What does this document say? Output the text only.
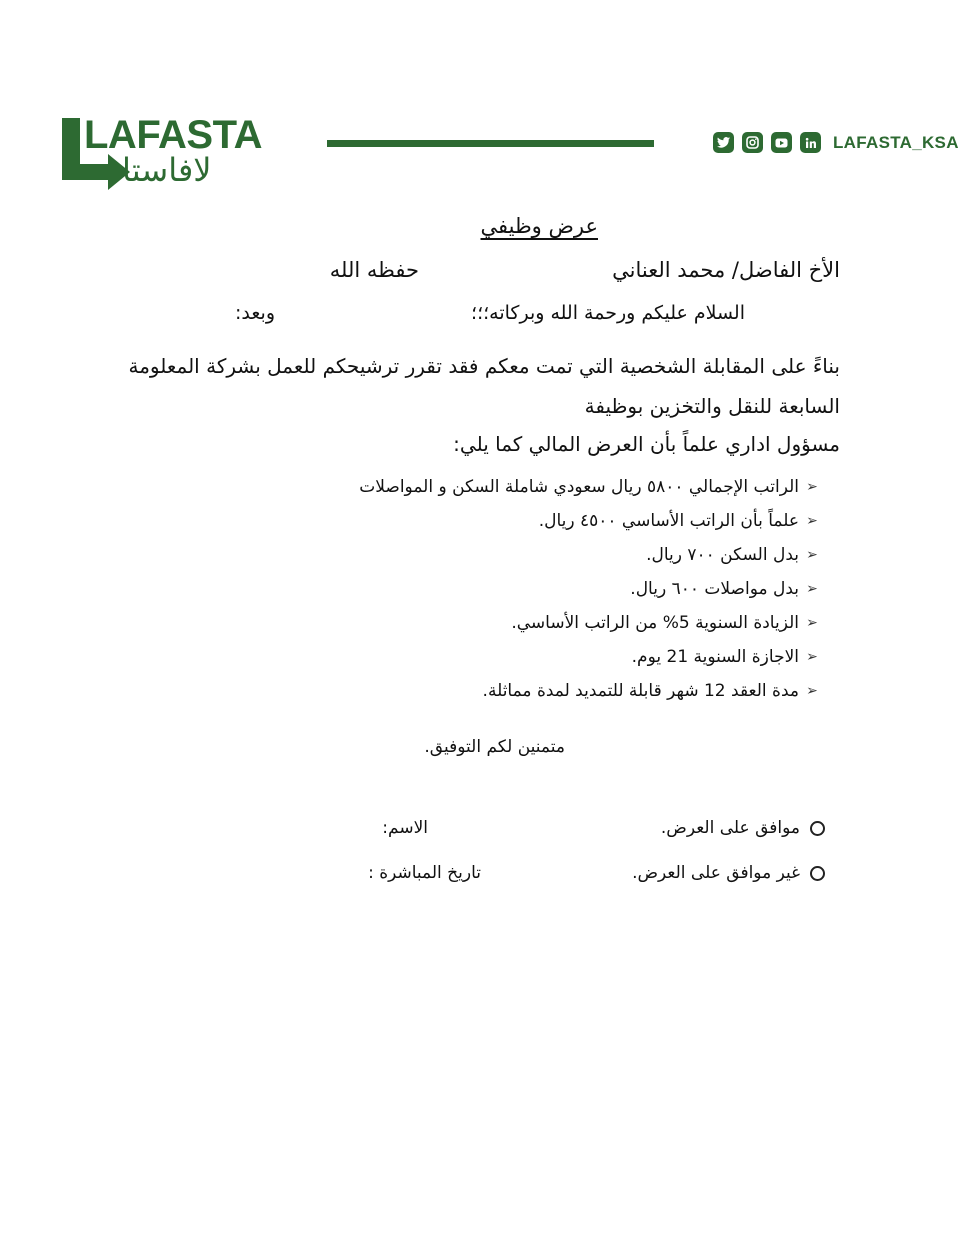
LAFASTA
لافاستا
LAFASTA_KSA
عرض وظيفي
الأخ الفاضل/ محمد العناني
حفظه الله
السلام عليكم ورحمة الله وبركاته؛؛؛
وبعد:
بناءً على المقابلة الشخصية التي تمت معكم فقد تقرر ترشيحكم للعمل بشركة المعلومة
السابعة للنقل والتخزين بوظيفة
مسؤول اداري علماً بأن العرض المالي كما يلي:
➢
الراتب الإجمالي ٥٨٠٠ ريال سعودي شاملة السكن و المواصلات
➢
علماً بأن الراتب الأساسي ٤٥٠٠ ريال.
➢
بدل السكن ٧٠٠ ريال.
➢
بدل مواصلات ٦٠٠ ريال.
➢
الزيادة السنوية 5% من الراتب الأساسي.
➢
الاجازة السنوية 21 يوم.
➢
مدة العقد 12 شهر قابلة للتمديد لمدة مماثلة.
متمنين لكم التوفيق.
موافق على العرض.
غير موافق على العرض.
الاسم:
تاريخ المباشرة :
